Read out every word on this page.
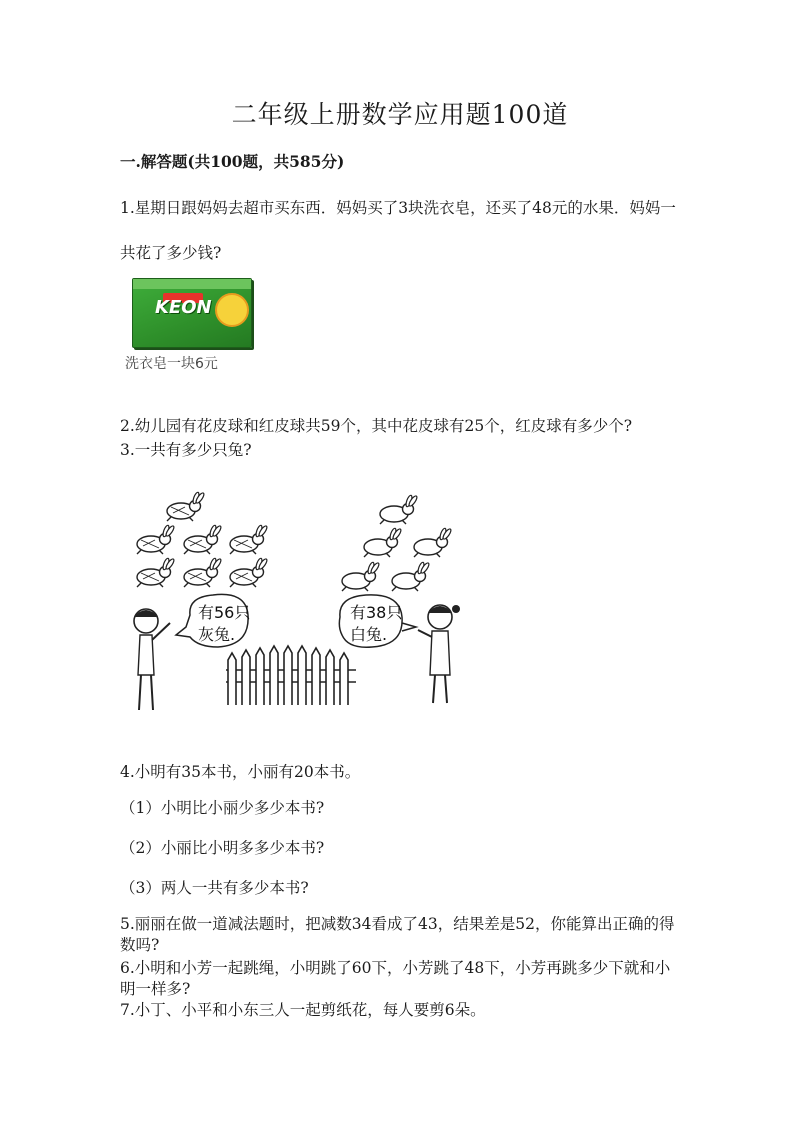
二年级上册数学应用题100道
一.解答题(共100题，共585分)
1.星期日跟妈妈去超市买东西．妈妈买了3块洗衣皂，还买了48元的水果．妈妈一共花了多少钱?
KEON
洗衣皂一块6元
2.幼儿园有花皮球和红皮球共59个，其中花皮球有25个，红皮球有多少个?
3.一共有多少只兔?
有56只
灰兔.
有38只
白兔.
4.小明有35本书，小丽有20本书。
（1）小明比小丽少多少本书?
（2）小丽比小明多多少本书?
（3）两人一共有多少本书?
5.丽丽在做一道减法题时，把减数34看成了43，结果差是52，你能算出正确的得数吗?
6.小明和小芳一起跳绳，小明跳了60下，小芳跳了48下，小芳再跳多少下就和小明一样多?
7.小丁、小平和小东三人一起剪纸花，每人要剪6朵。
